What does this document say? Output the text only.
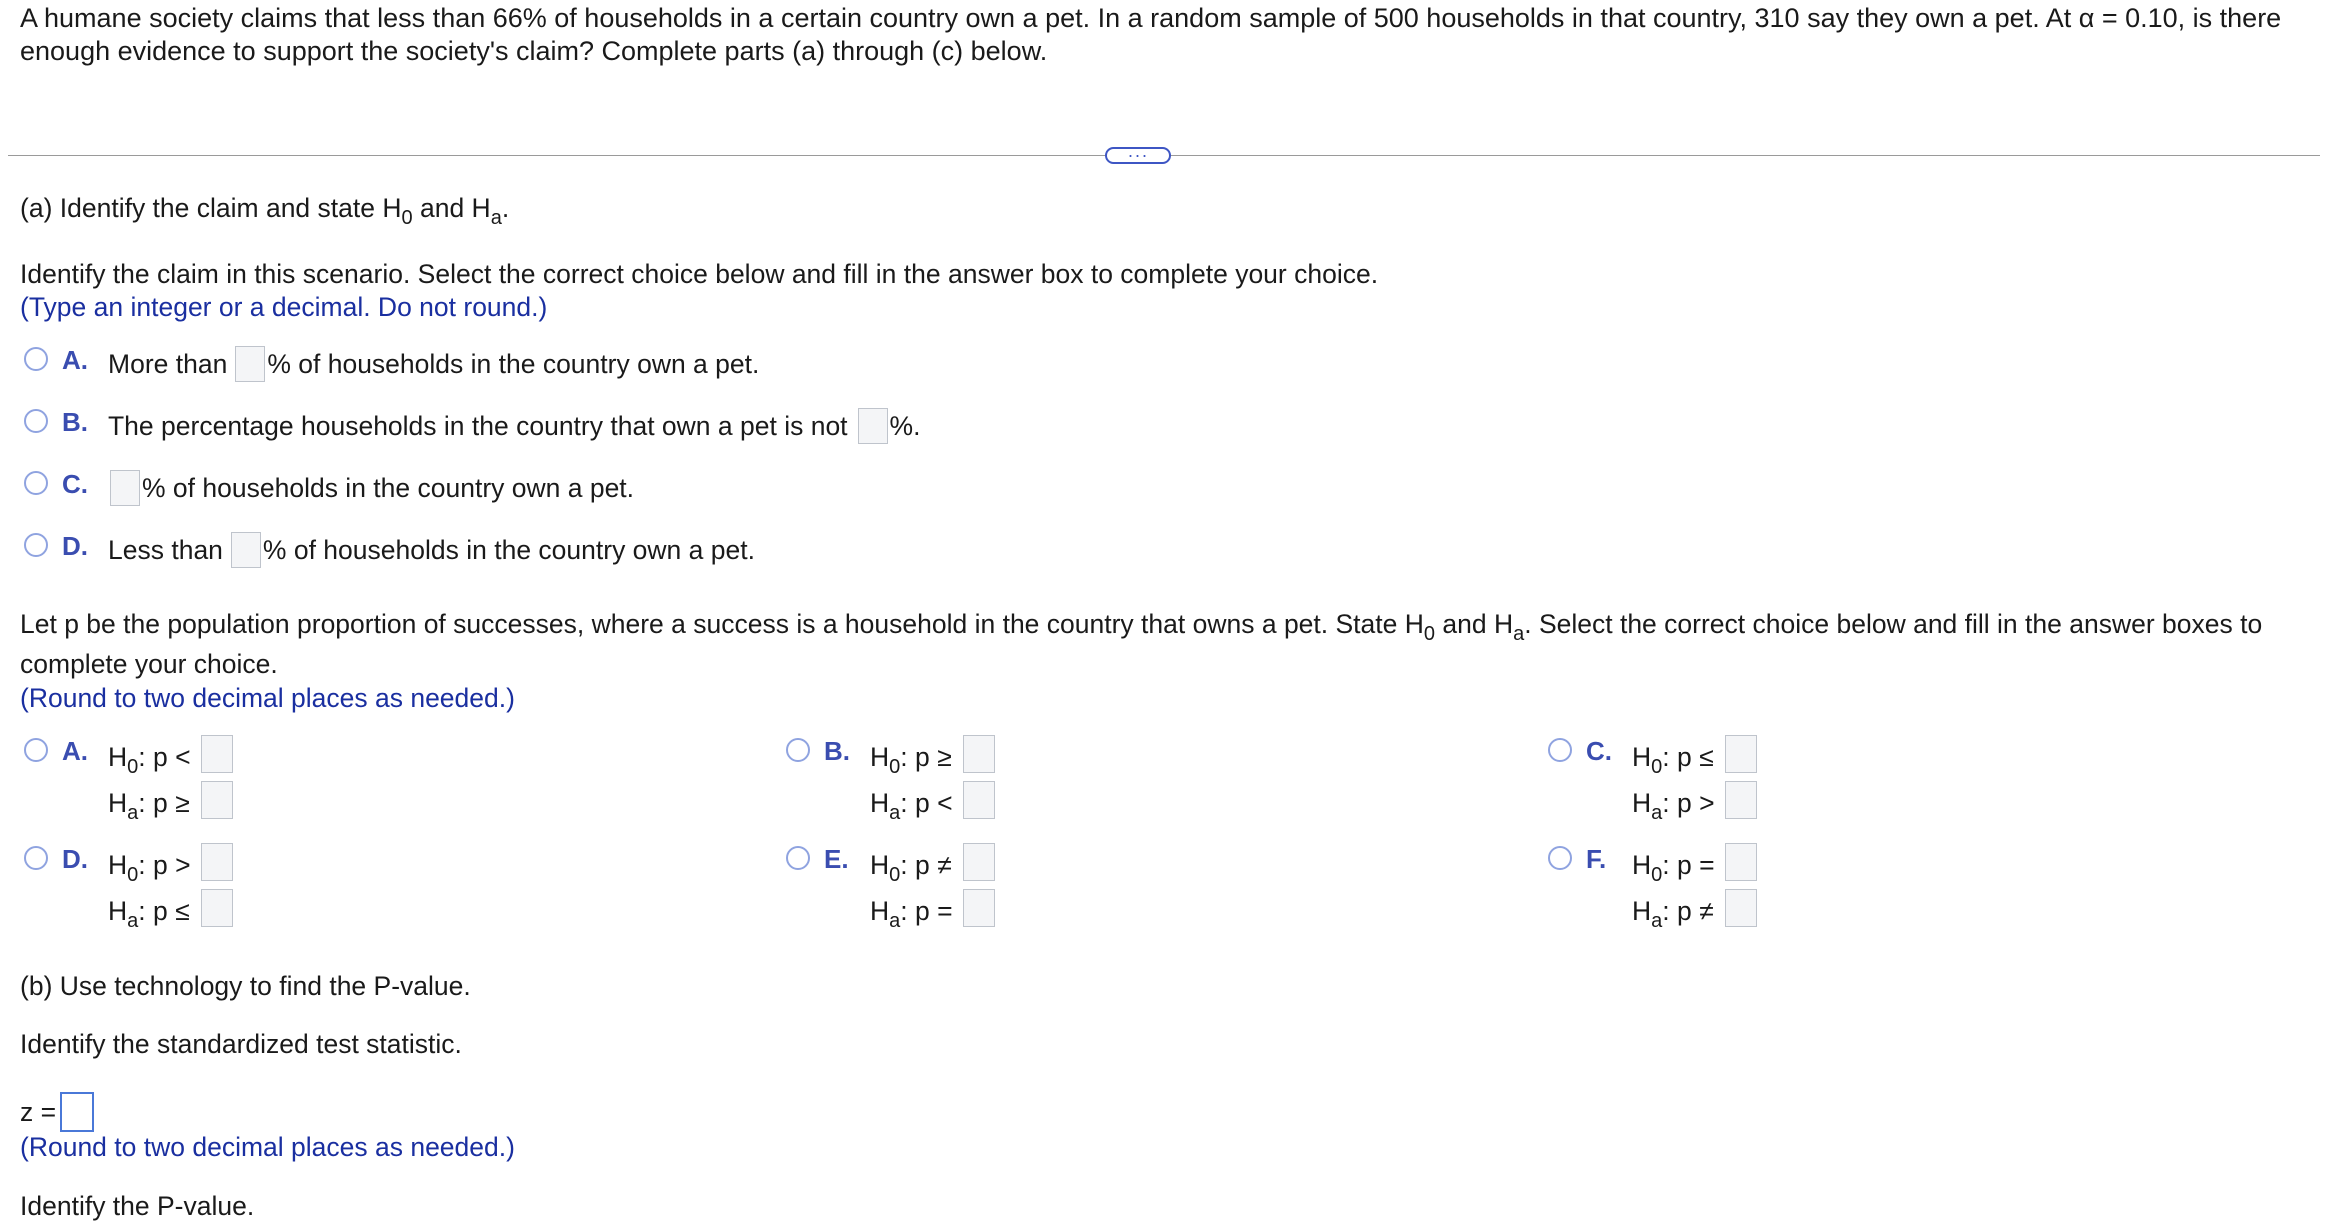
A humane society claims that less than 66% of households in a certain country own a pet. In a random sample of 500 households in that country, 310 say they own a pet. At α = 0.10, is there enough evidence to support the society's claim? Complete parts (a) through (c) below.
···
(a) Identify the claim and state $H_0$ and $H_a$.
Identify the claim in this scenario. Select the correct choice below and fill in the answer box to complete your choice.
(Type an integer or a decimal. Do not round.)
A. More than % of households in the country own a pet.
B. The percentage households in the country that own a pet is not %.
C. % of households in the country own a pet.
D. Less than % of households in the country own a pet.
Let p be the population proportion of successes, where a success is a household in the country that owns a pet. State $H_0$ and $H_a$. Select the correct choice below and fill in the answer boxes to
complete your choice.
(Round to two decimal places as needed.)
A. $H_0$: p <
$H_a$: p ≥
B. $H_0$: p ≥
$H_a$: p <
C. $H_0$: p ≤
$H_a$: p >
D. $H_0$: p >
$H_a$: p ≤
E. $H_0$: p ≠
$H_a$: p =
F. $H_0$: p =
$H_a$: p ≠
(b) Use technology to find the P-value.
Identify the standardized test statistic.
z =
(Round to two decimal places as needed.)
Identify the P-value.
